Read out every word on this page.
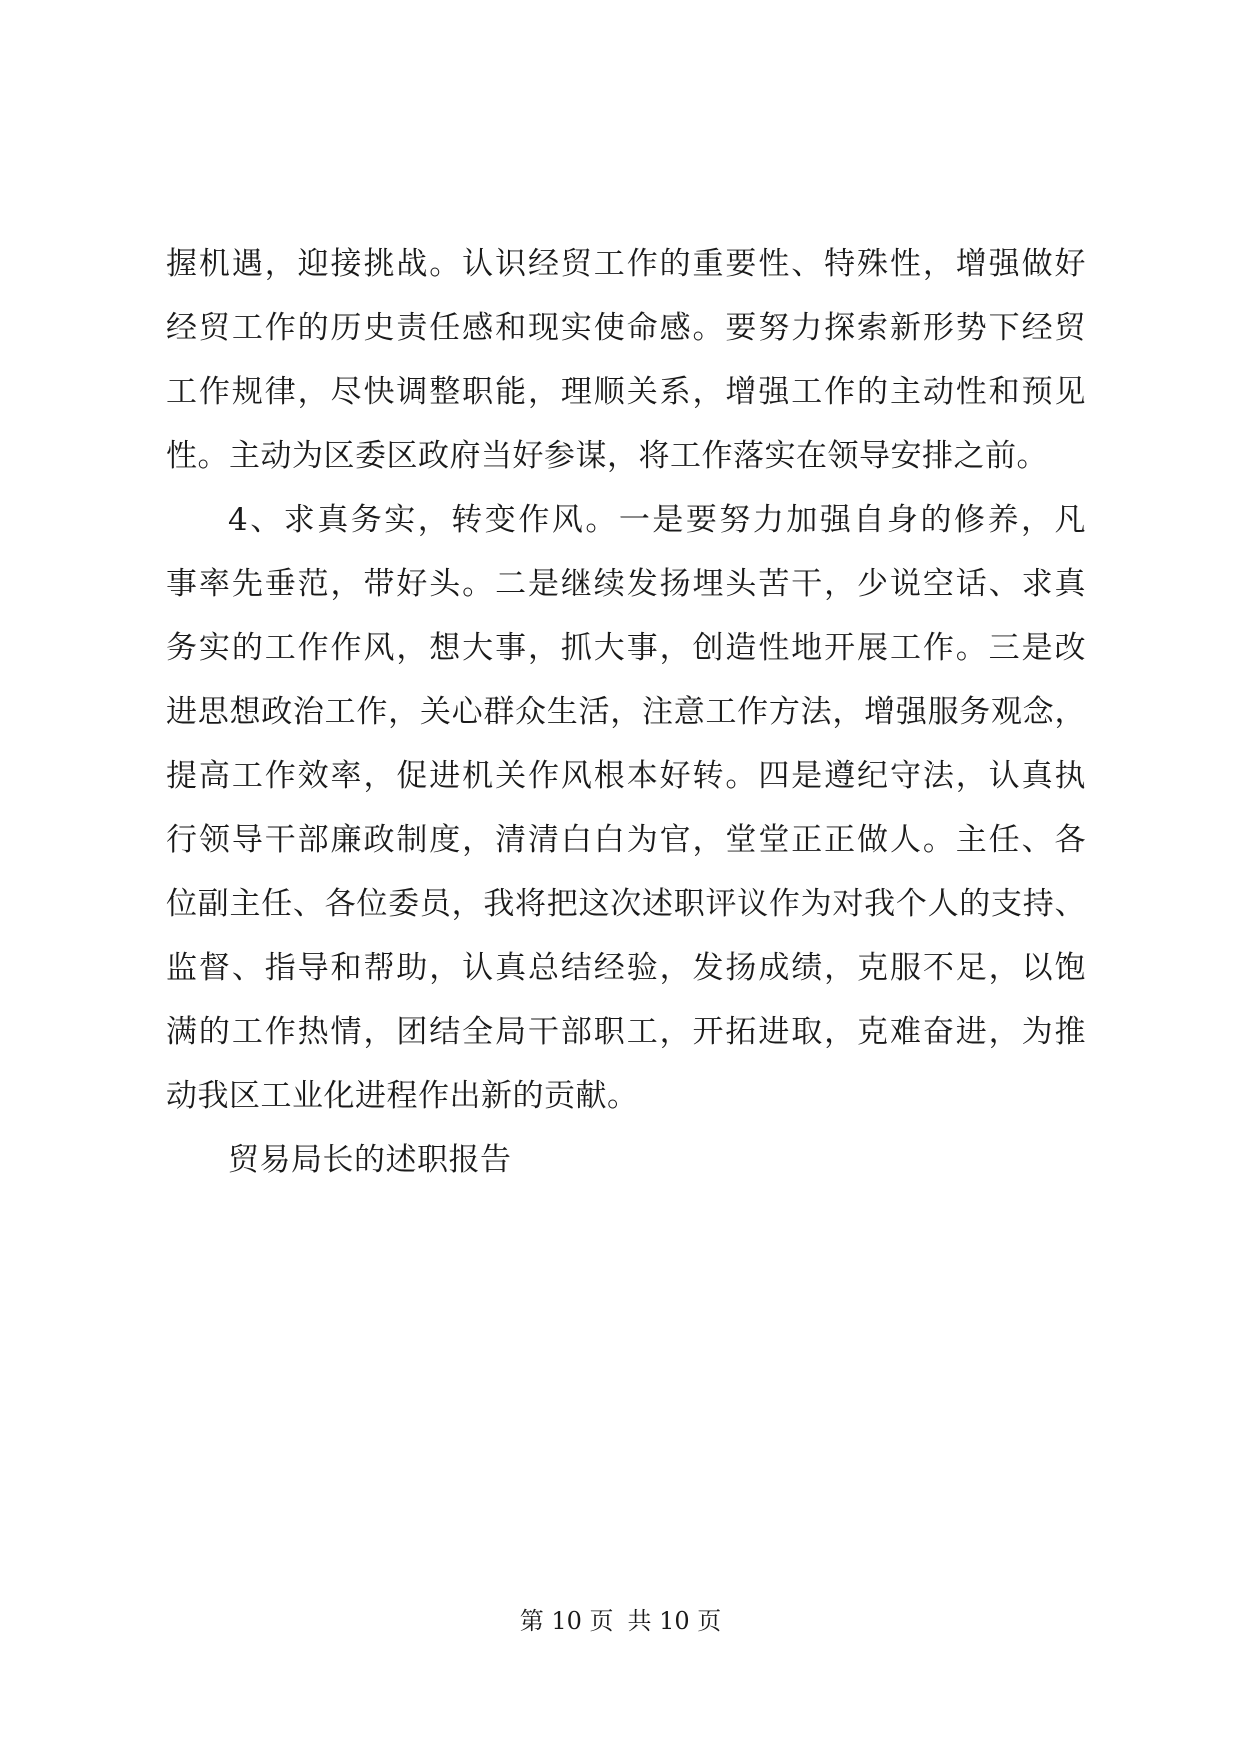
握机遇，迎接挑战。认识经贸工作的重要性、特殊性，增强做好
经贸工作的历史责任感和现实使命感。要努力探索新形势下经贸
工作规律，尽快调整职能，理顺关系，增强工作的主动性和预见
性。主动为区委区政府当好参谋，将工作落实在领导安排之前。
4、求真务实，转变作风。一是要努力加强自身的修养，凡
事率先垂范，带好头。二是继续发扬埋头苦干，少说空话、求真
务实的工作作风，想大事，抓大事，创造性地开展工作。三是改
进思想政治工作，关心群众生活，注意工作方法，增强服务观念，
提高工作效率，促进机关作风根本好转。四是遵纪守法，认真执
行领导干部廉政制度，清清白白为官，堂堂正正做人。主任、各
位副主任、各位委员，我将把这次述职评议作为对我个人的支持、
监督、指导和帮助，认真总结经验，发扬成绩，克服不足，以饱
满的工作热情，团结全局干部职工，开拓进取，克难奋进，为推
动我区工业化进程作出新的贡献。
贸易局长的述职报告
第 10 页 共 10 页
